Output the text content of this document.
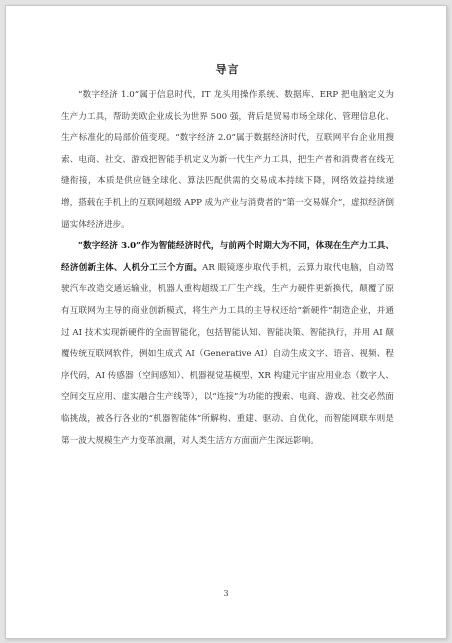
导言

“数字经济 1.0”属于信息时代，IT 龙头用操作系统、数据库、ERP 把电脑定义为生产力工具，帮助美欧企业成长为世界 500 强，背后是贸易市场全球化、管理信息化、生产标准化的局部价值变现。“数字经济 2.0”属于数据经济时代，互联网平台企业用搜索、电商、社交、游戏把智能手机定义为新一代生产力工具，把生产者和消费者在线无缝衔接，本质是供应链全球化、算法匹配供需的交易成本持续下降，网络效益持续递增，搭载在手机上的互联网超级 APP 成为产业与消费者的“第一交易媒介”，虚拟经济倒逼实体经济进步。

“数字经济 3.0”作为智能经济时代，与前两个时期大为不同，体现在生产力工具、经济创新主体、人机分工三个方面。AR 眼镜逐步取代手机，云算力取代电脑，自动驾驶汽车改造交通运输业，机器人重构超级工厂生产线，生产力硬件更新换代，颠覆了原有互联网为主导的商业创新模式，将生产力工具的主导权还给“新硬件”制造企业，并通过 AI 技术实现新硬件的全面智能化，包括智能认知、智能决策、智能执行，并用 AI 颠覆传统互联网软件，例如生成式 AI（Generative AI）自动生成文字、语音、视频、程序代码，AI 传感器（空间感知）、机器视觉基模型、XR 构建元宇宙应用业态（数字人、空间交互应用、虚实融合生产线等），以“连接”为功能的搜索、电商、游戏、社交必然面临挑战，被各行各业的“机器智能体”所解构、重建、驱动、自优化，而智能网联车则是第一波大规模生产力变革浪潮，对人类生活方方面面产生深远影响。

3
